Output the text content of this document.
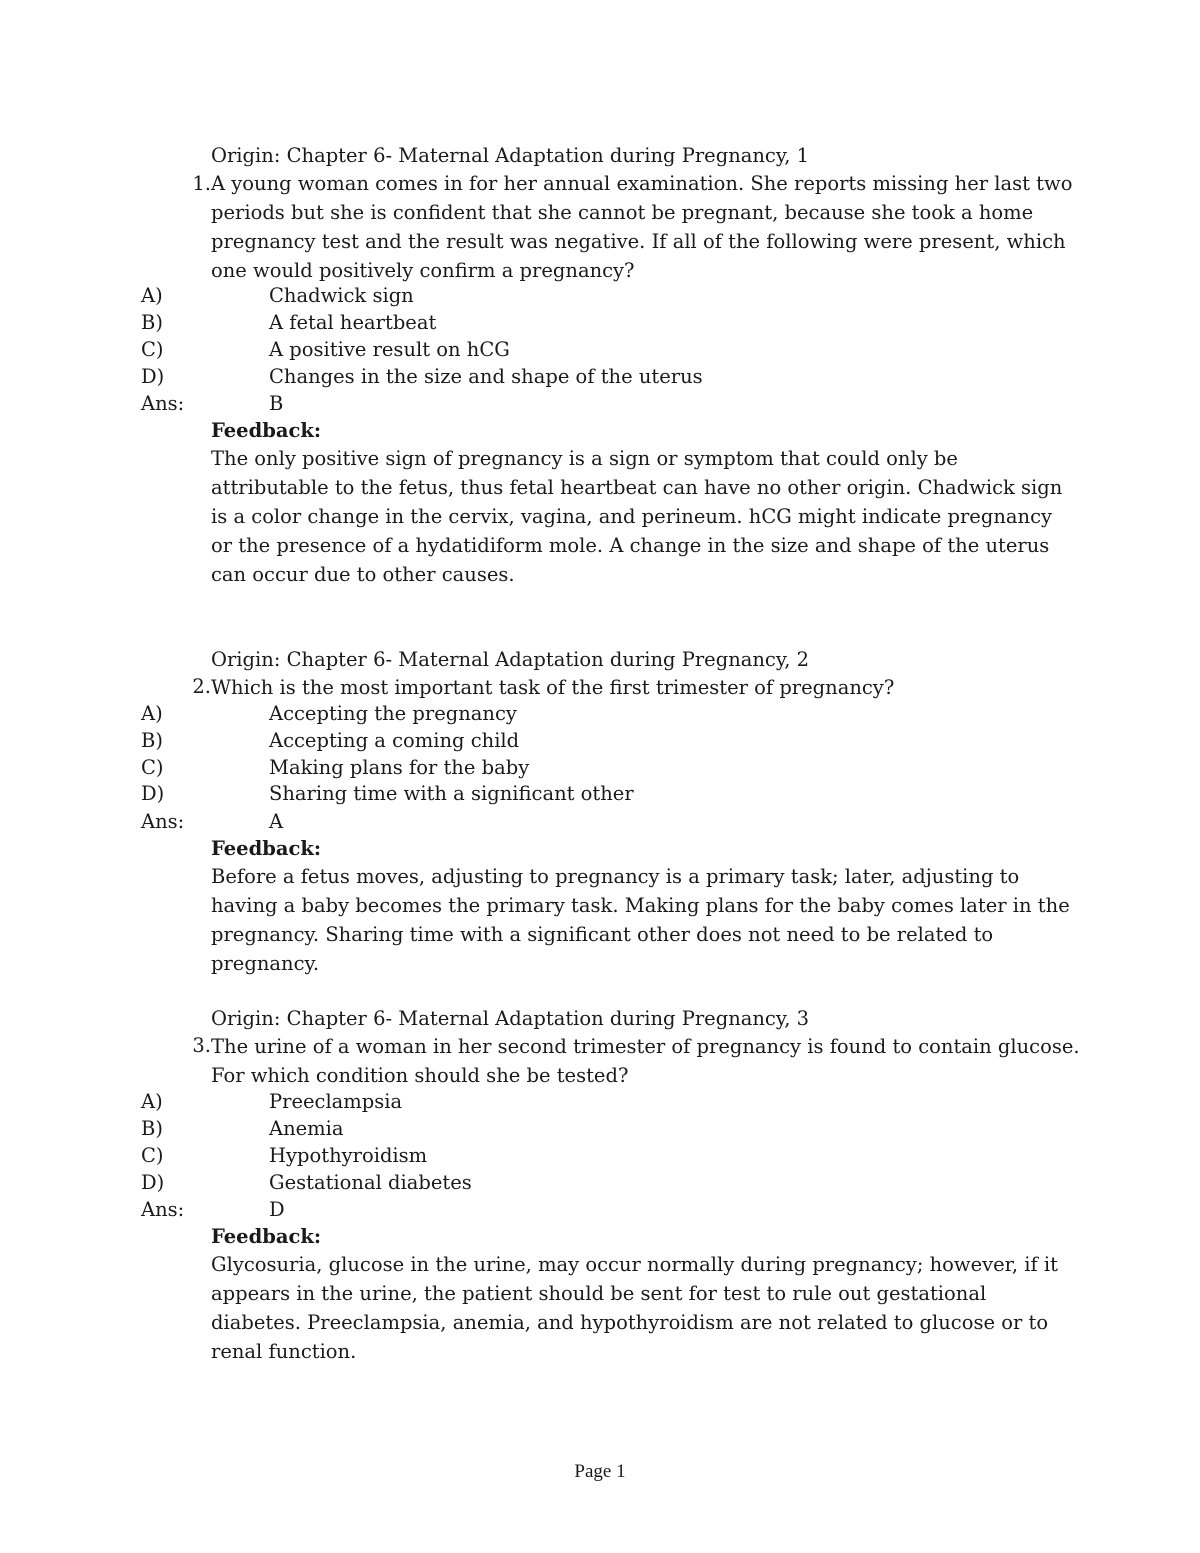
Origin: Chapter 6- Maternal Adaptation during Pregnancy, 1
1. A young woman comes in for her annual examination. She reports missing her last two periods but she is confident that she cannot be pregnant, because she took a home pregnancy test and the result was negative. If all of the following were present, which one would positively confirm a pregnancy?
A)	Chadwick sign
B)	A fetal heartbeat
C)	A positive result on hCG
D)	Changes in the size and shape of the uterus
Ans:	B
Feedback:
The only positive sign of pregnancy is a sign or symptom that could only be attributable to the fetus, thus fetal heartbeat can have no other origin. Chadwick sign is a color change in the cervix, vagina, and perineum. hCG might indicate pregnancy or the presence of a hydatidiform mole. A change in the size and shape of the uterus can occur due to other causes.
Origin: Chapter 6- Maternal Adaptation during Pregnancy, 2
2. Which is the most important task of the first trimester of pregnancy?
A)	Accepting the pregnancy
B)	Accepting a coming child
C)	Making plans for the baby
D)	Sharing time with a significant other
Ans:	A
Feedback:
Before a fetus moves, adjusting to pregnancy is a primary task; later, adjusting to having a baby becomes the primary task. Making plans for the baby comes later in the pregnancy. Sharing time with a significant other does not need to be related to pregnancy.
Origin: Chapter 6- Maternal Adaptation during Pregnancy, 3
3. The urine of a woman in her second trimester of pregnancy is found to contain glucose. For which condition should she be tested?
A)	Preeclampsia
B)	Anemia
C)	Hypothyroidism
D)	Gestational diabetes
Ans:	D
Feedback:
Glycosuria, glucose in the urine, may occur normally during pregnancy; however, if it appears in the urine, the patient should be sent for test to rule out gestational diabetes. Preeclampsia, anemia, and hypothyroidism are not related to glucose or to renal function.
Page 1
